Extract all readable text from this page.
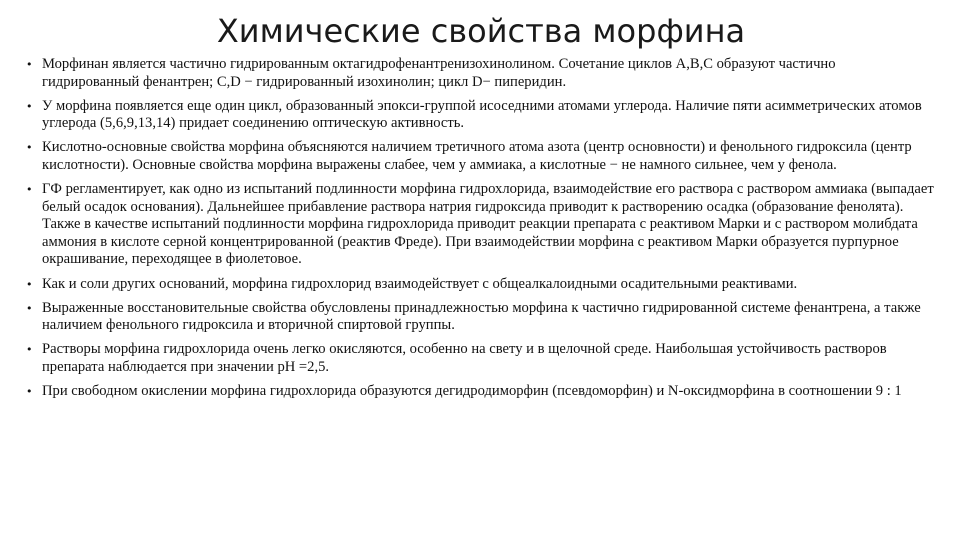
Химические свойства морфина
• Морфинан является частично гидрированным октагидрофенантренизохинолином. Сочетание циклов A,B,C образуют частично гидрированный фенантрен; C,D − гидрированный изохинолин; цикл D− пиперидин.
• У морфина появляется еще один цикл, образованный эпокси-группой исоседними атомами углерода. Наличие пяти асимметрических атомов углерода (5,6,9,13,14) придает соединению оптическую активность.
• Кислотно-основные свойства морфина объясняются наличием третичного атома азота (центр основности) и фенольного гидроксила (центр кислотности). Основные свойства морфина выражены слабее, чем у аммиака, а кислотные − не намного сильнее, чем у фенола.
• ГФ регламентирует, как одно из испытаний подлинности морфина гидрохлорида, взаимодействие его раствора с раствором аммиака (выпадает белый осадок основания). Дальнейшее прибавление раствора натрия гидроксида приводит к растворению осадка (образование фенолята). Также в качестве испытаний подлинности морфина гидрохлорида приводит реакции препарата с реактивом Марки и с раствором молибдата аммония в кислоте серной концентрированной (реактив Фреде). При взаимодействии морфина с реактивом Марки образуется пурпурное окрашивание, переходящее в фиолетовое.
• Как и соли других оснований, морфина гидрохлорид взаимодействует с общеалкалоидными осадительными реактивами.
• Выраженные восстановительные свойства обусловлены принадлежностью морфина к частично гидрированной системе фенантрена, а также наличием фенольного гидроксила и вторичной спиртовой группы.
• Растворы морфина гидрохлорида очень легко окисляются, особенно на свету и в щелочной среде. Наибольшая устойчивость растворов препарата наблюдается при значении pH =2,5.
• При свободном окислении морфина гидрохлорида образуются дегидродиморфин (псевдоморфин) и N-оксидморфина в соотношении 9 : 1
